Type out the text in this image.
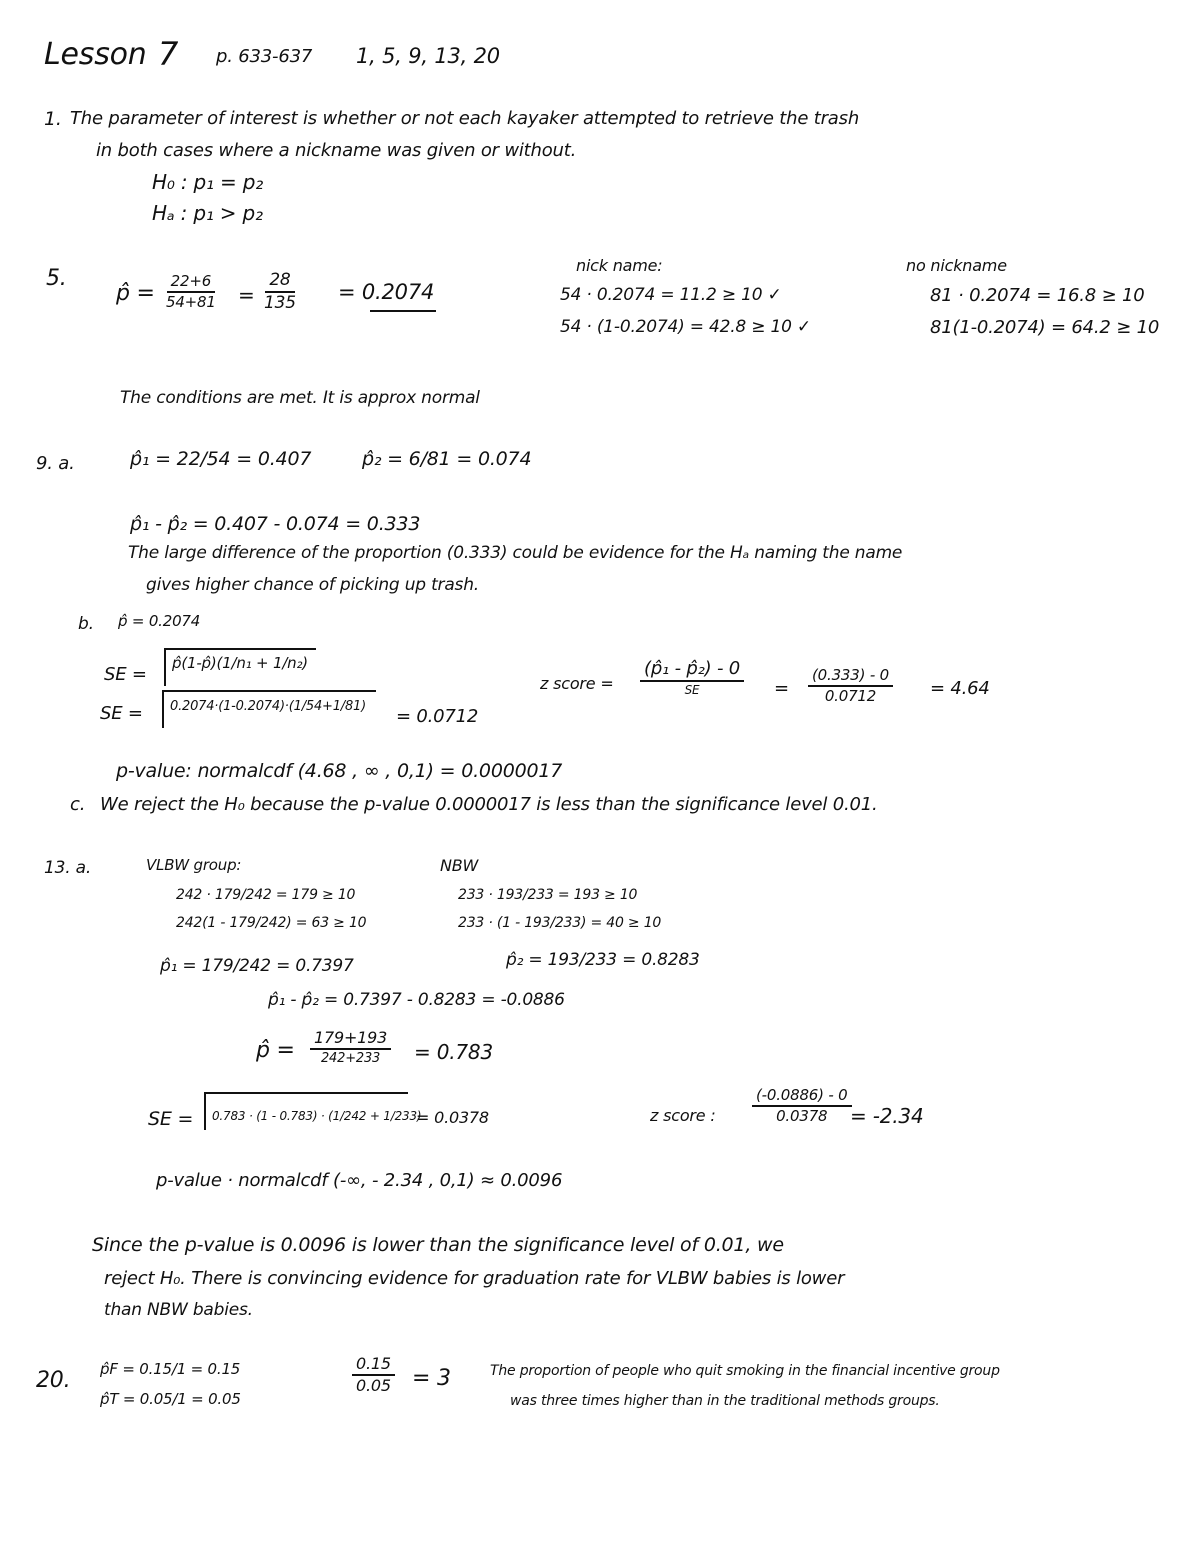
Lesson 7 p. 633-637 1, 5, 9, 13, 20
1. The parameter of interest is whether or not each kayaker attempted to retrieve the trash
in both cases where a nickname was given or without.
H₀ : p₁ = p₂
Hₐ : p₁ > p₂
5.
p̂ = $\frac{22+6}{54+81} = \frac{28}{135} = 0.2074$
nick name:
54 · 0.2074 = 11.2 ≥ 10 ✓
54 · (1-0.2074) = 42.8 ≥ 10 ✓
no nickname
81 · 0.2074 = 16.8 ≥ 10
81(1-0.2074) = 64.2 ≥ 10
The conditions are met. It is approx normal
9. a.	p̂₁ = 22/54 = 0.407	p̂₂ = 6/81 = 0.074
p̂₁ - p̂₂ = 0.407 - 0.074 = 0.333
The large difference of the proportion (0.333) could be evidence for the Hₐ naming the name
gives higher chance of picking up trash.
b. p̂ = 0.2074
SE =
p̂(1-p̂)(1/n₁ + 1/n₂)
SE = 0.2074·(1-0.2074)·(1/54+1/81) = 0.0712
z score =
(p̂₁ - p̂₂) - 0
SE	= $\frac{(0.333) - 0}{0.0712} = 4.64$
p-value: normalcdf (4.68 , ∞ , 0,1) = 0.0000017
c. We reject the H₀ because the p-value 0.0000017 is less than the significance level 0.01.
13. a.	VLBW group:
242 · 179/242 = 179 ≥ 10
242(1 - 179/242) = 63 ≥ 10
NBW
233 · 193/233 = 193 ≥ 10
233 · (1 - 193/233) = 40 ≥ 10
p̂₁ = 179/242 = 0.7397	p̂₂ = 193/233 = 0.8283
p̂₁ - p̂₂ = 0.7397 - 0.8283 = -0.0886
p̂ =
179+193
242+233 = 0.783
SE = 0.783 · (1 - 0.783) · (1/242 + 1/233)
= 0.0378	z score : $\frac{(-0.0886) - 0}{0.0378}$
= -2.34
p-value · normalcdf (-∞, - 2.34 , 0,1) ≈ 0.0096
Since the p-value is 0.0096 is lower than the significance level of 0.01, we
reject H₀. There is convincing evidence for graduation rate for VLBW babies is lower
than NBW babies.
20. p̂F = 0.15/1 = 0.15
p̂T = 0.05/1 = 0.05
$\frac{0.15}{0.05} = 3$	The proportion of people who quit smoking in the financial incentive group
was three times higher than in the traditional methods groups.
